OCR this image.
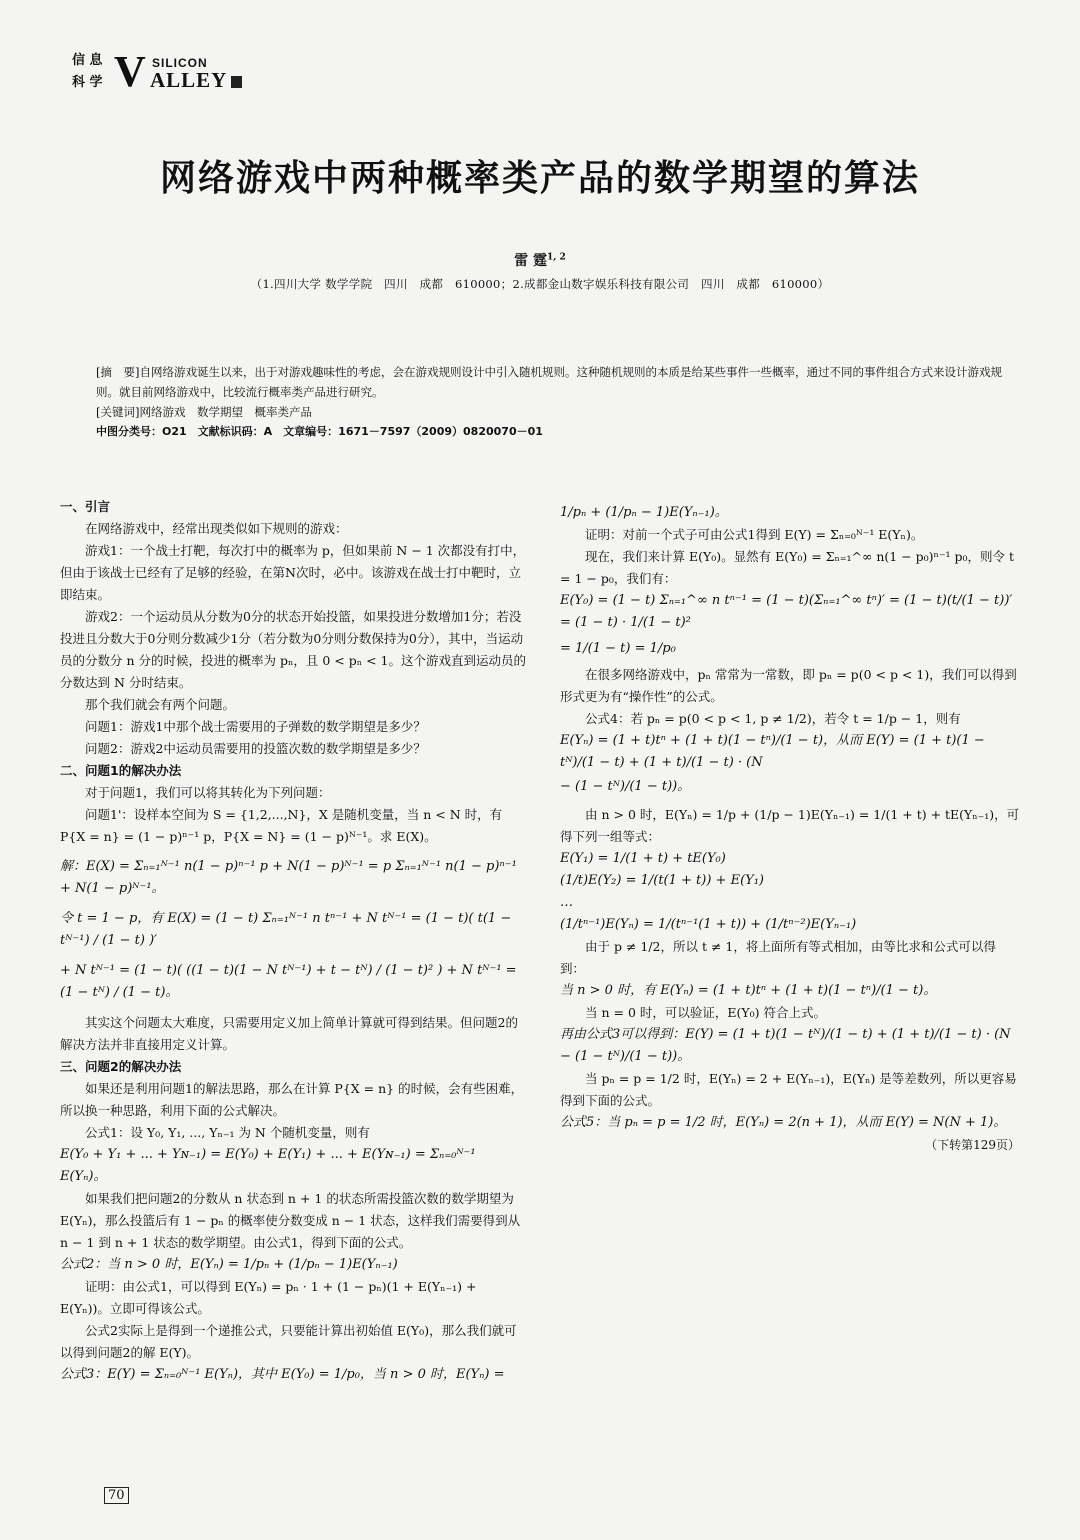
信 息
科 学 V SILICON
ALLEY
网络游戏中两种概率类产品的数学期望的算法
雷 霆$^{1, 2}$
（1.四川大学 数学学院　四川　成都　610000；2.成都金山数字娱乐科技有限公司　四川　成都　610000）

[摘　要]自网络游戏诞生以来，出于对游戏趣味性的考虑，会在游戏规则设计中引入随机规则。这种随机规则的本质是给某些事件一些概率，通过不同的事件组合方式来设计游戏规则。就目前网络游戏中，比较流行概率类产品进行研究。

[关键词]网络游戏　数学期望　概率类产品

中图分类号：O21　文献标识码：A　文章编号：1671－7597（2009）0820070－01

一、引言

在网络游戏中，经常出现类似如下规则的游戏：

游戏1：一个战士打靶，每次打中的概率为 p，但如果前 N − 1 次都没有打中，但由于该战士已经有了足够的经验，在第N次时，必中。该游戏在战士打中靶时，立即结束。

游戏2：一个运动员从分数为0分的状态开始投篮，如果投进分数增加1分；若没投进且分数大于0分则分数减少1分（若分数为0分则分数保持为0分），其中，当运动员的分数分 n 分的时候，投进的概率为 pₙ，且 0 < pₙ < 1。这个游戏直到运动员的分数达到 N 分时结束。

那个我们就会有两个问题。

问题1：游戏1中那个战士需要用的子弹数的数学期望是多少？

问题2：游戏2中运动员需要用的投篮次数的数学期望是多少？

二、问题1的解决办法

对于问题1，我们可以将其转化为下列问题：

问题1'：设样本空间为 S = {1,2,...,N}，X 是随机变量，当 n < N 时，有 P{X = n} = (1 − p)ⁿ⁻¹ p，P{X = N} = (1 − p)ᴺ⁻¹。求 E(X)。

解：E(X) = Σₙ₌₁ᴺ⁻¹ n(1 − p)ⁿ⁻¹ p + N(1 − p)ᴺ⁻¹ = p Σₙ₌₁ᴺ⁻¹ n(1 − p)ⁿ⁻¹ + N(1 − p)ᴺ⁻¹。

令 t = 1 − p，有 E(X) = (1 − t) Σₙ₌₁ᴺ⁻¹ n tⁿ⁻¹ + N tᴺ⁻¹ = (1 − t)( t(1 − tᴺ⁻¹) / (1 − t) )′

+ N tᴺ⁻¹ = (1 − t)( ((1 − t)(1 − N tᴺ⁻¹) + t − tᴺ) / (1 − t)² ) + N tᴺ⁻¹ = (1 − tᴺ) / (1 − t)。

其实这个问题太大难度，只需要用定义加上简单计算就可得到结果。但问题2的解决方法并非直接用定义计算。

三、问题2的解决办法

如果还是利用问题1的解法思路，那么在计算 P{X = n} 的时候，会有些困难，所以换一种思路，利用下面的公式解决。

公式1：设 Y₀, Y₁, ..., Yₙ₋₁ 为 N 个随机变量，则有

E(Y₀ + Y₁ + ... + Yɴ₋₁) = E(Y₀) + E(Y₁) + ... + E(Yɴ₋₁) = Σₙ₌₀ᴺ⁻¹ E(Yₙ)。

如果我们把问题2的分数从 n 状态到 n + 1 的状态所需投篮次数的数学期望为 E(Yₙ)，那么投篮后有 1 − pₙ 的概率使分数变成 n − 1 状态，这样我们需要得到从 n − 1 到 n + 1 状态的数学期望。由公式1，得到下面的公式。

公式2：当 n > 0 时，E(Yₙ) = 1/pₙ + (1/pₙ − 1)E(Yₙ₋₁)

证明：由公式1，可以得到 E(Yₙ) = pₙ · 1 + (1 − pₙ)(1 + E(Yₙ₋₁) + E(Yₙ))。立即可得该公式。

公式2实际上是得到一个递推公式，只要能计算出初始值 E(Y₀)，那么我们就可以得到问题2的解 E(Y)。

公式3：E(Y) = Σₙ₌₀ᴺ⁻¹ E(Yₙ)，其中 E(Y₀) = 1/p₀，当 n > 0 时，E(Yₙ) =

1/pₙ + (1/pₙ − 1)E(Yₙ₋₁)。

证明：对前一个式子可由公式1得到 E(Y) = Σₙ₌₀ᴺ⁻¹ E(Yₙ)。

现在，我们来计算 E(Y₀)。显然有 E(Y₀) = Σₙ₌₁^∞ n(1 − p₀)ⁿ⁻¹ p₀，则令 t = 1 − p₀，我们有：

E(Y₀) = (1 − t) Σₙ₌₁^∞ n tⁿ⁻¹ = (1 − t)(Σₙ₌₁^∞ tⁿ)′ = (1 − t)(t/(1 − t))′ = (1 − t) · 1/(1 − t)²

= 1/(1 − t) = 1/p₀

在很多网络游戏中，pₙ 常常为一常数，即 pₙ = p(0 < p < 1)，我们可以得到形式更为有“操作性”的公式。

公式4：若 pₙ = p(0 < p < 1, p ≠ 1/2)，若令 t = 1/p − 1，则有

E(Yₙ) = (1 + t)tⁿ + (1 + t)(1 − tⁿ)/(1 − t)，从而 E(Y) = (1 + t)(1 − tᴺ)/(1 − t) + (1 + t)/(1 − t) · (N

− (1 − tᴺ)/(1 − t))。

由 n > 0 时，E(Yₙ) = 1/p + (1/p − 1)E(Yₙ₋₁) = 1/(1 + t) + tE(Yₙ₋₁)，可得下列一组等式：

E(Y₁) = 1/(1 + t) + tE(Y₀)

(1/t)E(Y₂) = 1/(t(1 + t)) + E(Y₁)

…

(1/tⁿ⁻¹)E(Yₙ) = 1/(tⁿ⁻¹(1 + t)) + (1/tⁿ⁻²)E(Yₙ₋₁)

由于 p ≠ 1/2，所以 t ≠ 1，将上面所有等式相加，由等比求和公式可以得到：

当 n > 0 时，有 E(Yₙ) = (1 + t)tⁿ + (1 + t)(1 − tⁿ)/(1 − t)。

当 n = 0 时，可以验证，E(Y₀) 符合上式。

再由公式3可以得到：E(Y) = (1 + t)(1 − tᴺ)/(1 − t) + (1 + t)/(1 − t) · (N − (1 − tᴺ)/(1 − t))。

当 pₙ = p = 1/2 时，E(Yₙ) = 2 + E(Yₙ₋₁)，E(Yₙ) 是等差数列，所以更容易得到下面的公式。

公式5：当 pₙ = p = 1/2 时，E(Yₙ) = 2(n + 1)，从而 E(Y) = N(N + 1)。

（下转第129页）

70
